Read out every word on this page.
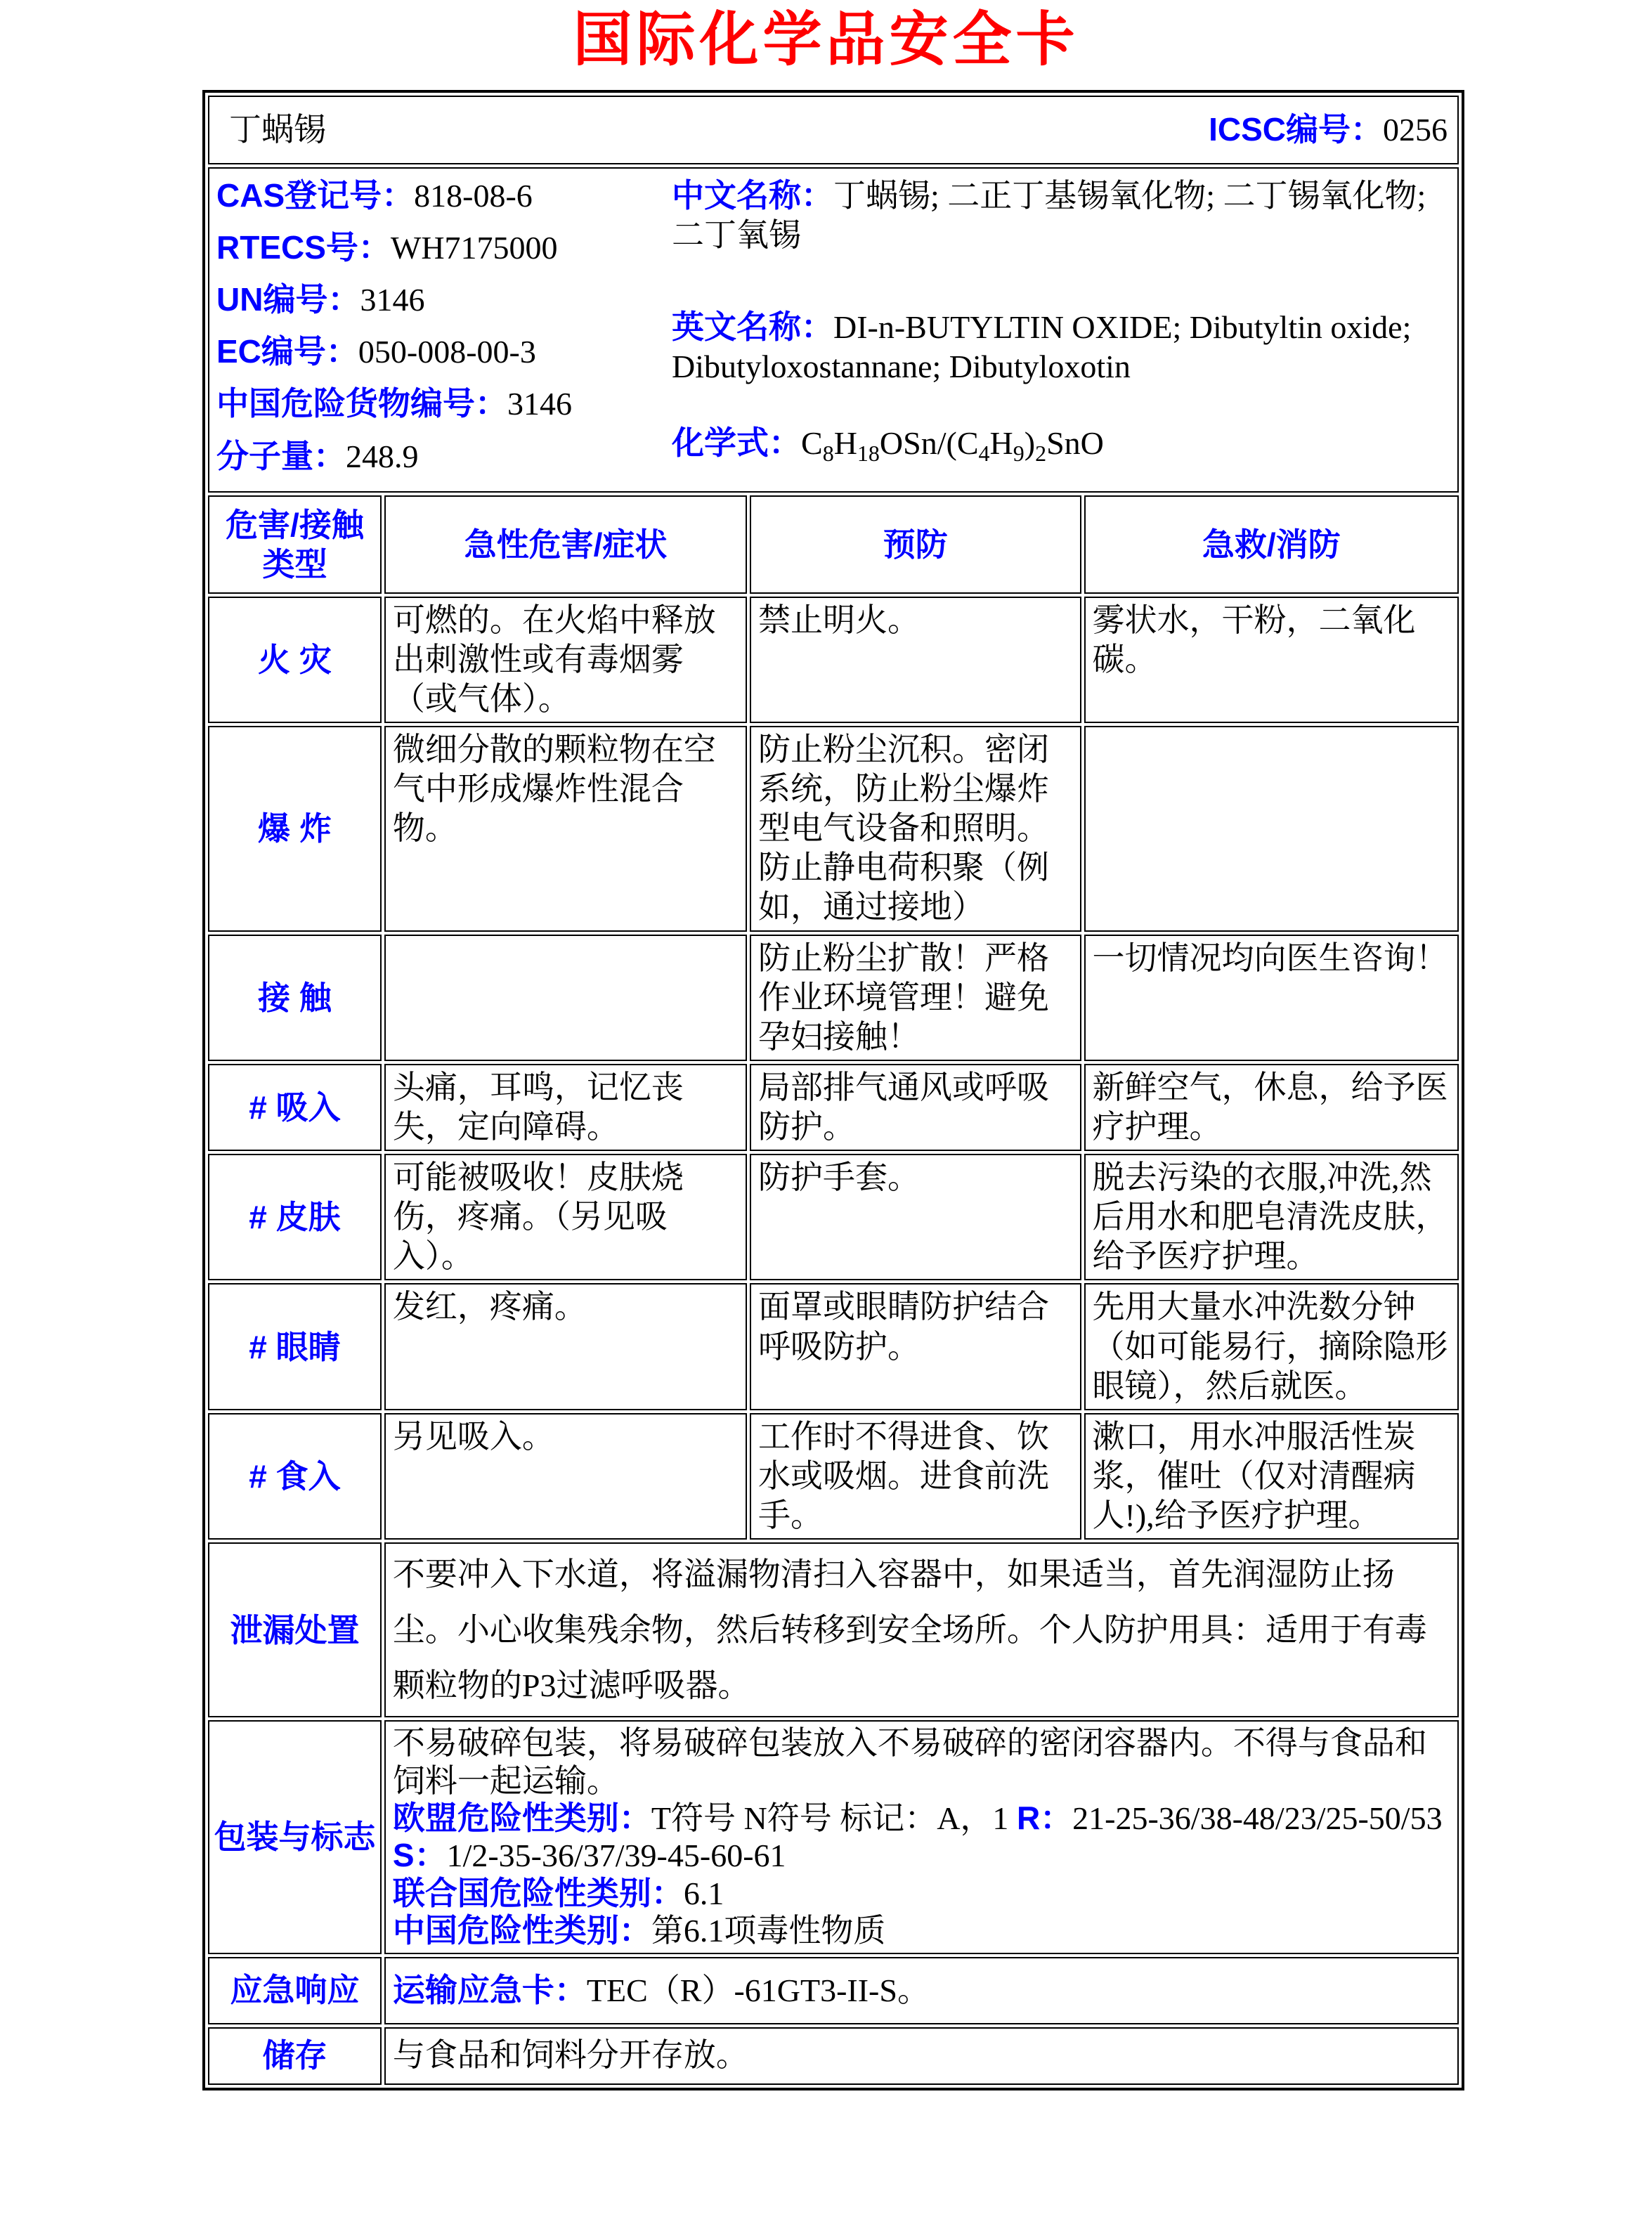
国际化学品安全卡
丁蜗锡 ICSC编号：0256			

CAS登记号：818-08-6
RTECS号：WH7175000
UN编号：3146
EC编号：050-008-00-3
中国危险货物编号：3146
分子量：248.9

中文名称：丁蜗锡; 二正丁基锡氧化物; 二丁锡氧化物; 二丁氧锡

英文名称：DI-n-BUTYLTIN OXIDE; Dibutyltin oxide; Dibutyloxostannane; Dibutyloxotin

化学式：$C_8H_{18}OSn/(C_4H_9)_2SnO$

危害/接触
类型	急性危害/症状	预防	急救/消防
火 灾	可燃的。在火焰中释放出刺激性或有毒烟雾（或气体）。	禁止明火。	雾状水，干粉，二氧化碳。
爆 炸	微细分散的颗粒物在空气中形成爆炸性混合物。	防止粉尘沉积。密闭系统，防止粉尘爆炸型电气设备和照明。防止静电荷积聚（例如，通过接地）	
接 触		防止粉尘扩散！严格作业环境管理！避免孕妇接触！	一切情况均向医生咨询！
# 吸入	头痛，耳鸣，记忆丧失，定向障碍。	局部排气通风或呼吸防护。	新鲜空气，休息，给予医疗护理。
# 皮肤	可能被吸收！皮肤烧伤，疼痛。（另见吸入）。	防护手套。	脱去污染的衣服,冲洗,然后用水和肥皂清洗皮肤，给予医疗护理。
# 眼睛	发红，疼痛。	面罩或眼睛防护结合呼吸防护。	先用大量水冲洗数分钟（如可能易行，摘除隐形眼镜），然后就医。
# 食入	另见吸入。	工作时不得进食、饮水或吸烟。进食前洗手。	漱口，用水冲服活性炭浆，催吐（仅对清醒病人!),给予医疗护理。
泄漏处置	不要冲入下水道，将溢漏物清扫入容器中，如果适当，首先润湿防止扬尘。小心收集残余物，然后转移到安全场所。个人防护用具：适用于有毒颗粒物的P3过滤呼吸器。		
包装与标志	不易破碎包装，将易破碎包装放入不易破碎的密闭容器内。不得与食品和饲料一起运输。

欧盟危险性类别：T符号 N符号 标记：A，1 R：21-25-36/38-48/23/25-50/53 S：1/2-35-36/37/39-45-60-61

联合国危险性类别：6.1

中国危险性类别：第6.1项毒性物质		

应急响应	运输应急卡：TEC（R）-61GT3-II-S。		
储存	与食品和饲料分开存放。		
